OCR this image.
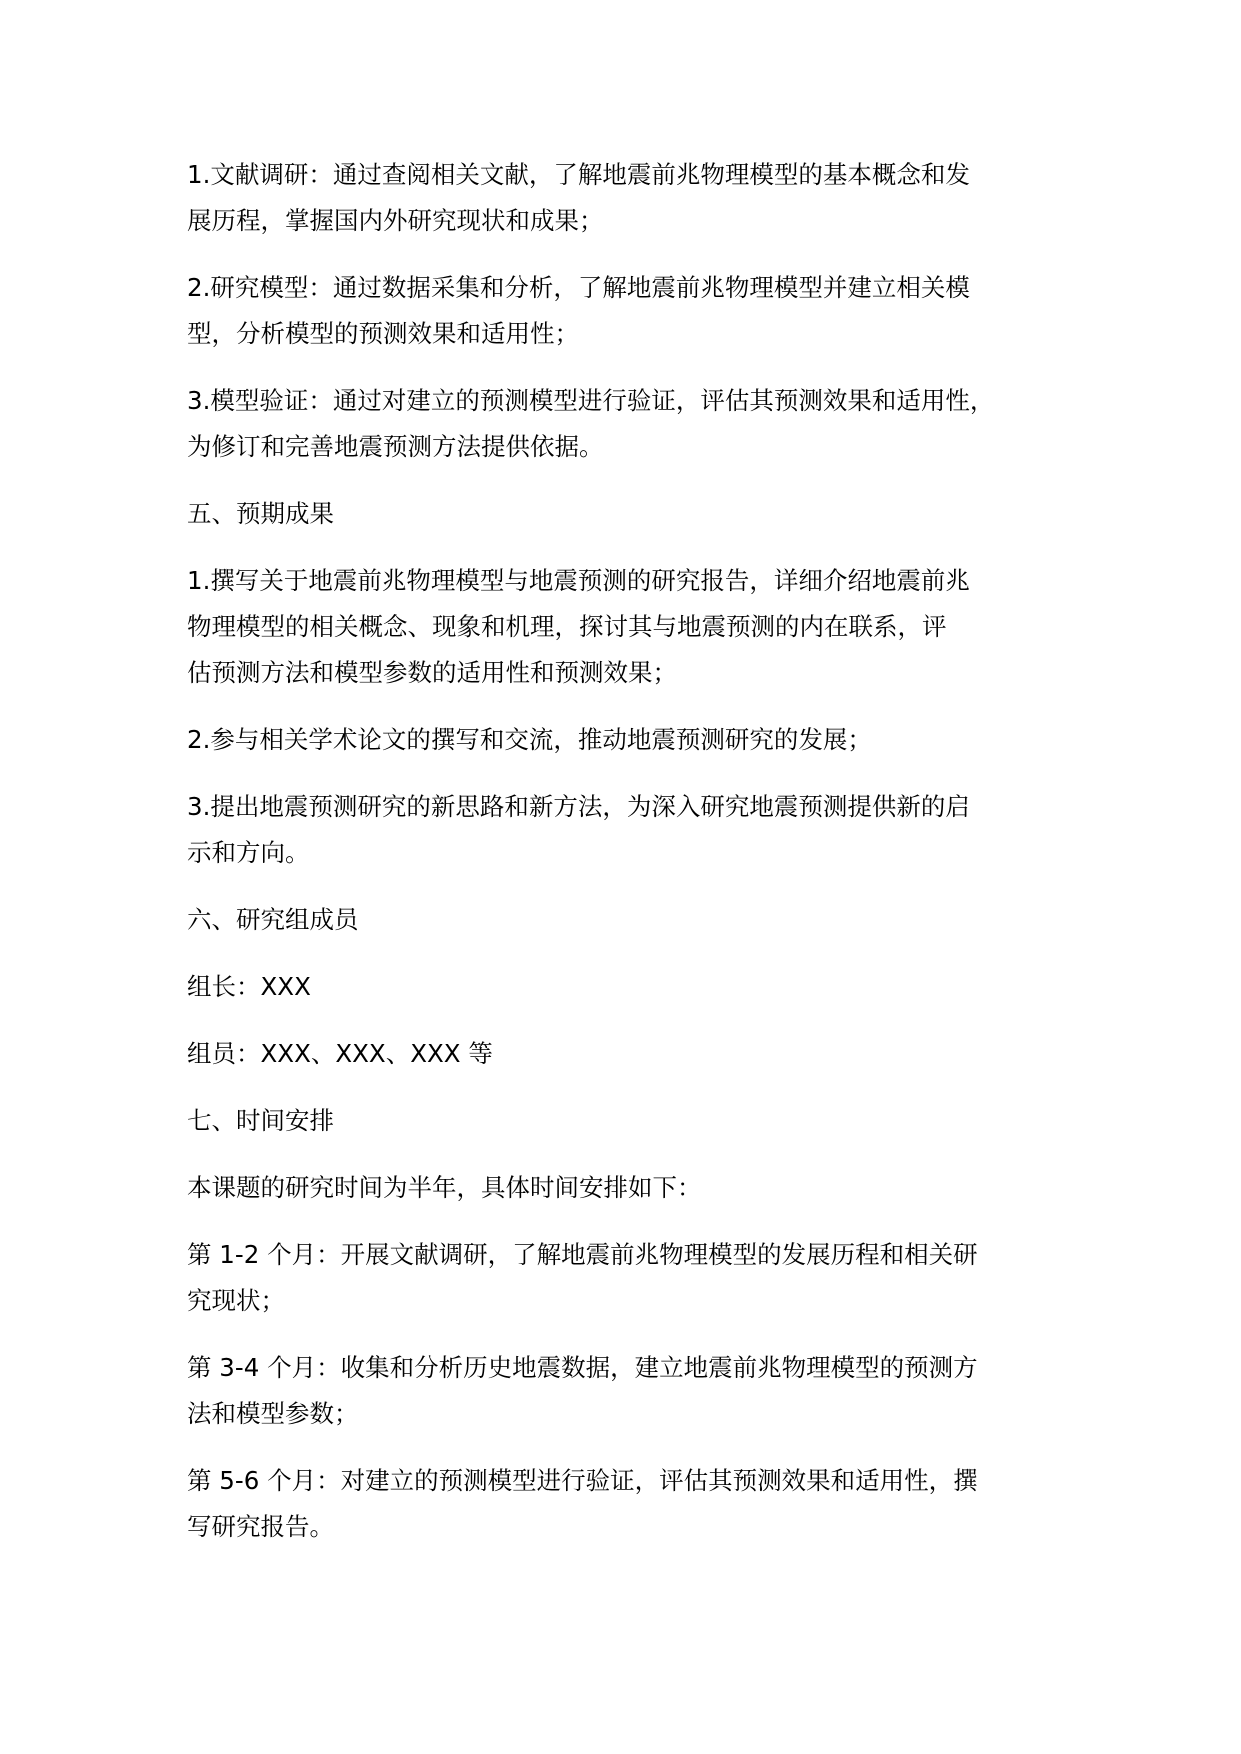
1.文献调研：通过查阅相关文献，了解地震前兆物理模型的基本概念和发
展历程，掌握国内外研究现状和成果；

2.研究模型：通过数据采集和分析，了解地震前兆物理模型并建立相关模
型，分析模型的预测效果和适用性；

3.模型验证：通过对建立的预测模型进行验证，评估其预测效果和适用性，
为修订和完善地震预测方法提供依据。

五、预期成果

1.撰写关于地震前兆物理模型与地震预测的研究报告，详细介绍地震前兆
物理模型的相关概念、现象和机理，探讨其与地震预测的内在联系，评
估预测方法和模型参数的适用性和预测效果；

2.参与相关学术论文的撰写和交流，推动地震预测研究的发展；

3.提出地震预测研究的新思路和新方法，为深入研究地震预测提供新的启
示和方向。

六、研究组成员

组长：XXX

组员：XXX、XXX、XXX 等

七、时间安排

本课题的研究时间为半年，具体时间安排如下：

第 1-2 个月：开展文献调研，了解地震前兆物理模型的发展历程和相关研
究现状；

第 3-4 个月：收集和分析历史地震数据，建立地震前兆物理模型的预测方
法和模型参数；

第 5-6 个月：对建立的预测模型进行验证，评估其预测效果和适用性，撰
写研究报告。
